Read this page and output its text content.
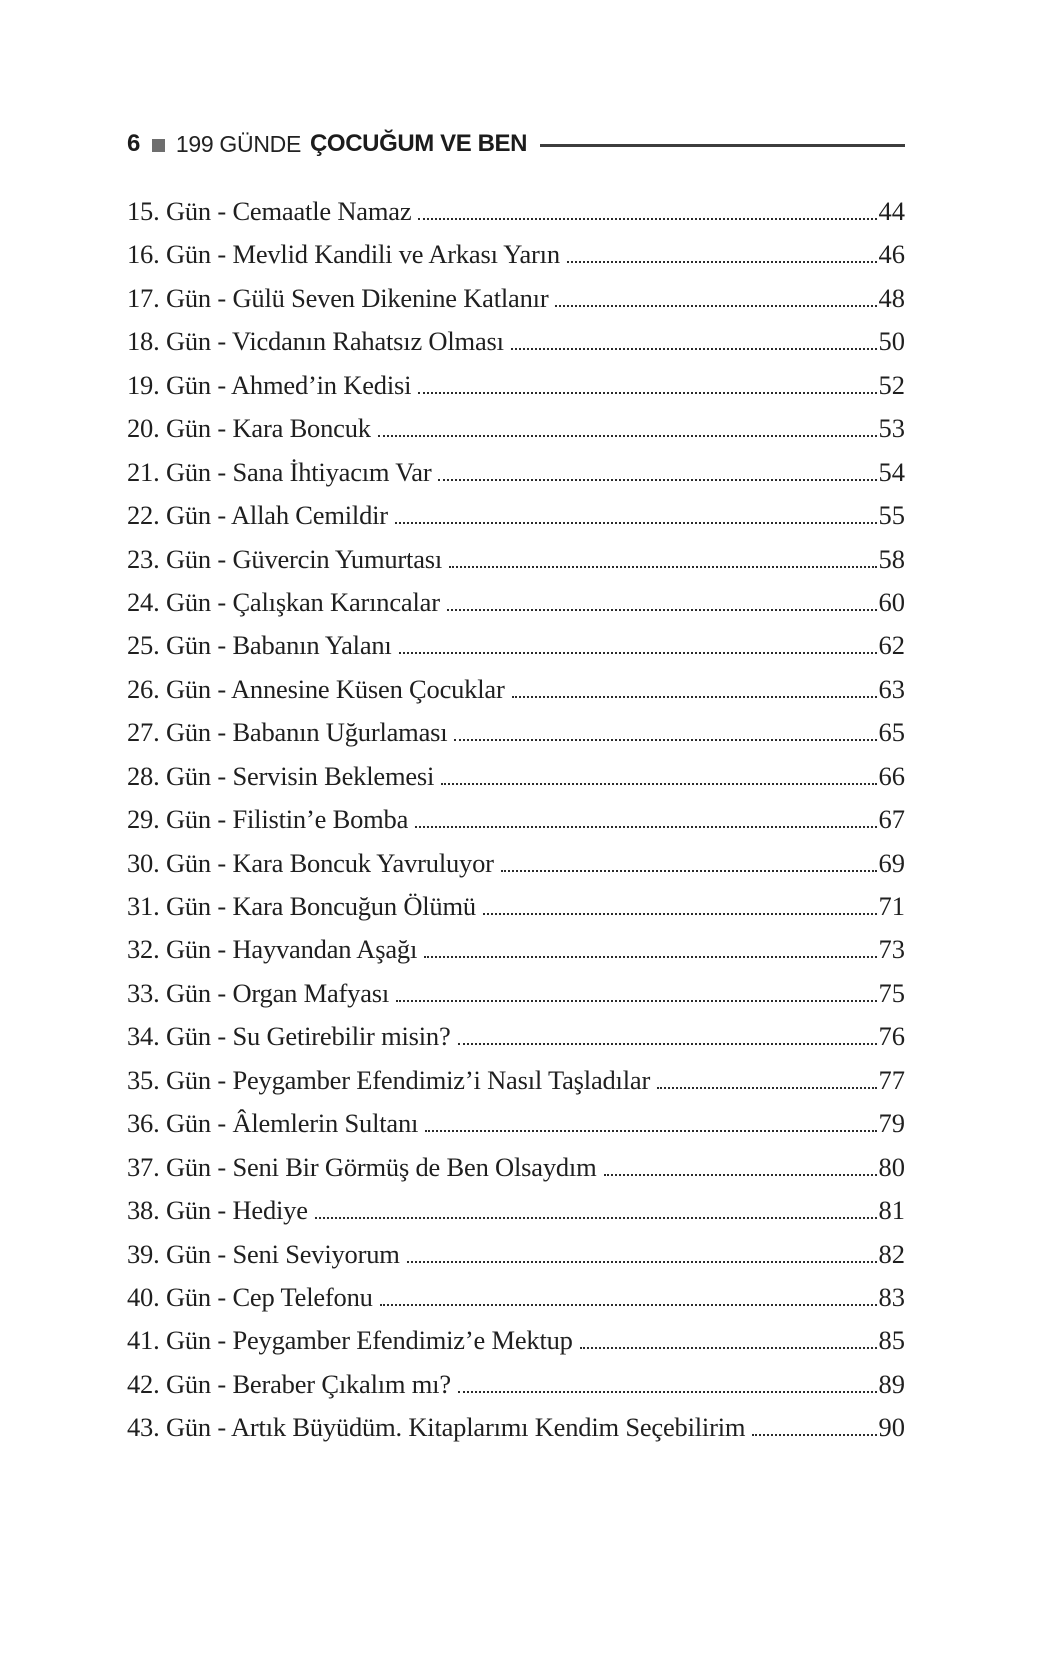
6 199 GÜNDE ÇOCUĞUM VE BEN
15. Gün - Cemaatle Namaz	44
16. Gün - Mevlid Kandili ve Arkası Yarın	46
17. Gün - Gülü Seven Dikenine Katlanır	48
18. Gün - Vicdanın Rahatsız Olması	50
19. Gün - Ahmed’in Kedisi	52
20. Gün - Kara Boncuk	53
21. Gün - Sana İhtiyacım Var	54
22. Gün - Allah Cemildir	55
23. Gün - Güvercin Yumurtası	58
24. Gün - Çalışkan Karıncalar	60
25. Gün - Babanın Yalanı	62
26. Gün - Annesine Küsen Çocuklar	63
27. Gün - Babanın Uğurlaması	65
28. Gün - Servisin Beklemesi	66
29. Gün - Filistin’e Bomba	67
30. Gün - Kara Boncuk Yavruluyor	69
31. Gün - Kara Boncuğun Ölümü	71
32. Gün - Hayvandan Aşağı	73
33. Gün - Organ Mafyası	75
34. Gün - Su Getirebilir misin?	76
35. Gün - Peygamber Efendimiz’i Nasıl Taşladılar	77
36. Gün - Âlemlerin Sultanı	79
37. Gün - Seni Bir Görmüş de Ben Olsaydım	80
38. Gün - Hediye	81
39. Gün - Seni Seviyorum	82
40. Gün - Cep Telefonu	83
41. Gün - Peygamber Efendimiz’e Mektup	85
42. Gün - Beraber Çıkalım mı?	89
43. Gün - Artık Büyüdüm. Kitaplarımı Kendim Seçebilirim	90
